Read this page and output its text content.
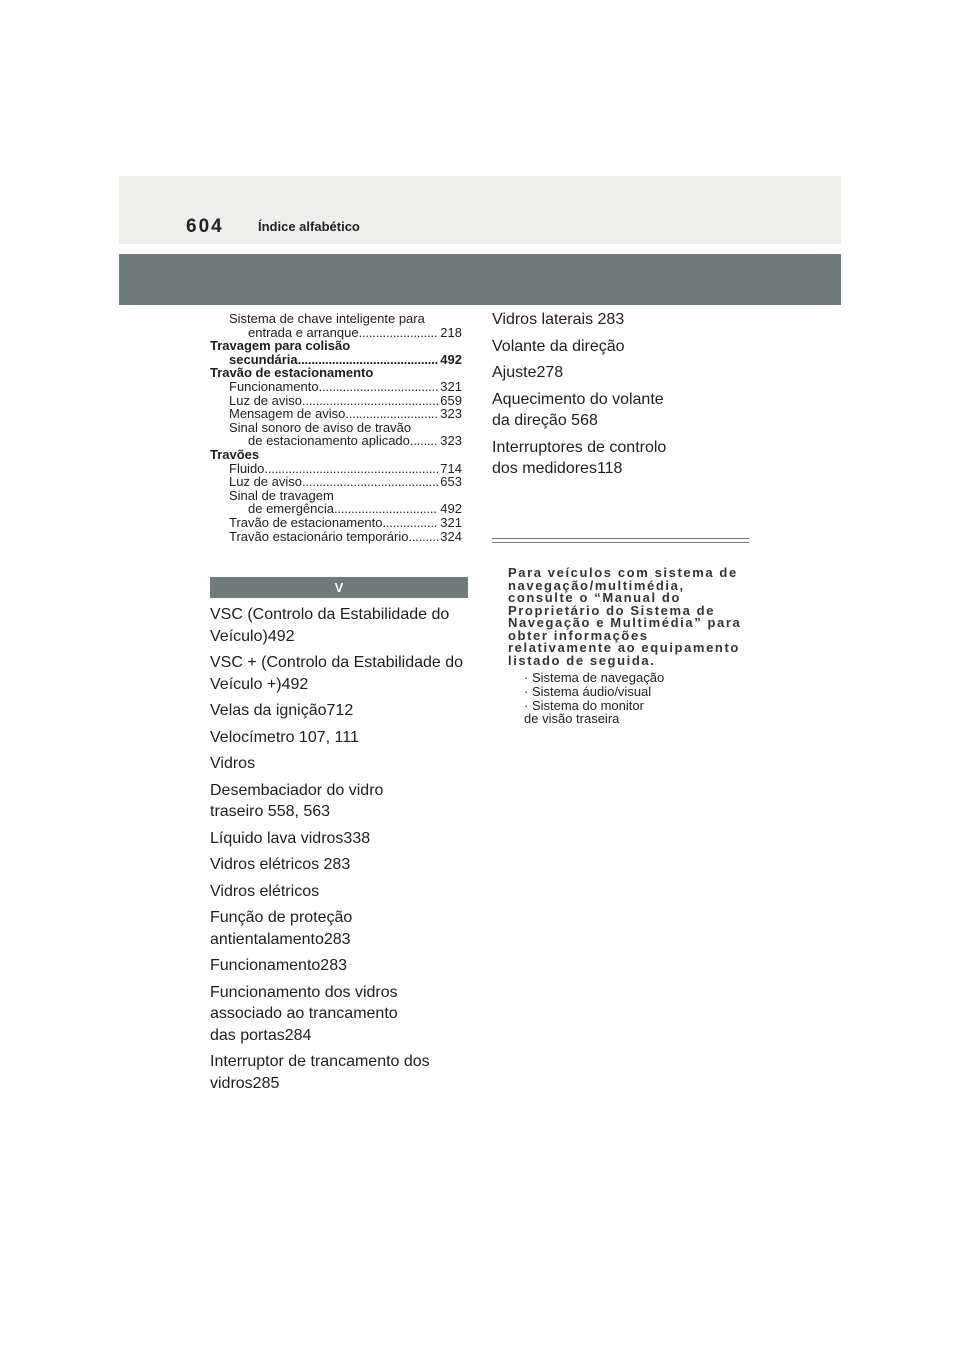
604	Índice alfabético
Sistema de chave inteligente para
entrada e arranque . . .	218
Travagem para colisão
secundária . . .	492
Travão de estacionamento
Funcionamento . . .	321
Luz de aviso . . .	659
Mensagem de aviso . . .	323
Sinal sonoro de aviso de travão
de estacionamento aplicado . . . 323
Travões
Fluido . . .	714
Luz de aviso . . .	653
Sinal de travagem
de emergência . . .	492
Travão de estacionamento . . .	321
Travão estacionário temporário . . . 324
V
VSC (Controlo da Estabilidade do Veículo)492
VSC + (Controlo da Estabilidade do Veículo +)492
Velas da ignição712
Velocímetro 107, 111
Vidros
Desembaciador do vidro traseiro 558, 563
Líquido lava vidros338
Vidros elétricos 283
Vidros elétricos
Função de proteção antientalamento283
Funcionamento283
Funcionamento dos vidros associado ao trancamento das portas284
Interruptor de trancamento dos vidros285
Vidros laterais 283
Volante da direção
Ajuste278
Aquecimento do volante da direção 568
Interruptores de controlo dos medidores118
Para veículos com sistema de navegação/multimédia, consulte o “Manual do Proprietário do Sistema de Navegação e Multimédia” para obter informações relativamente ao equipamento listado de seguida.
· Sistema de navegação
· Sistema áudio/visual
· Sistema do monitor de visão traseira
